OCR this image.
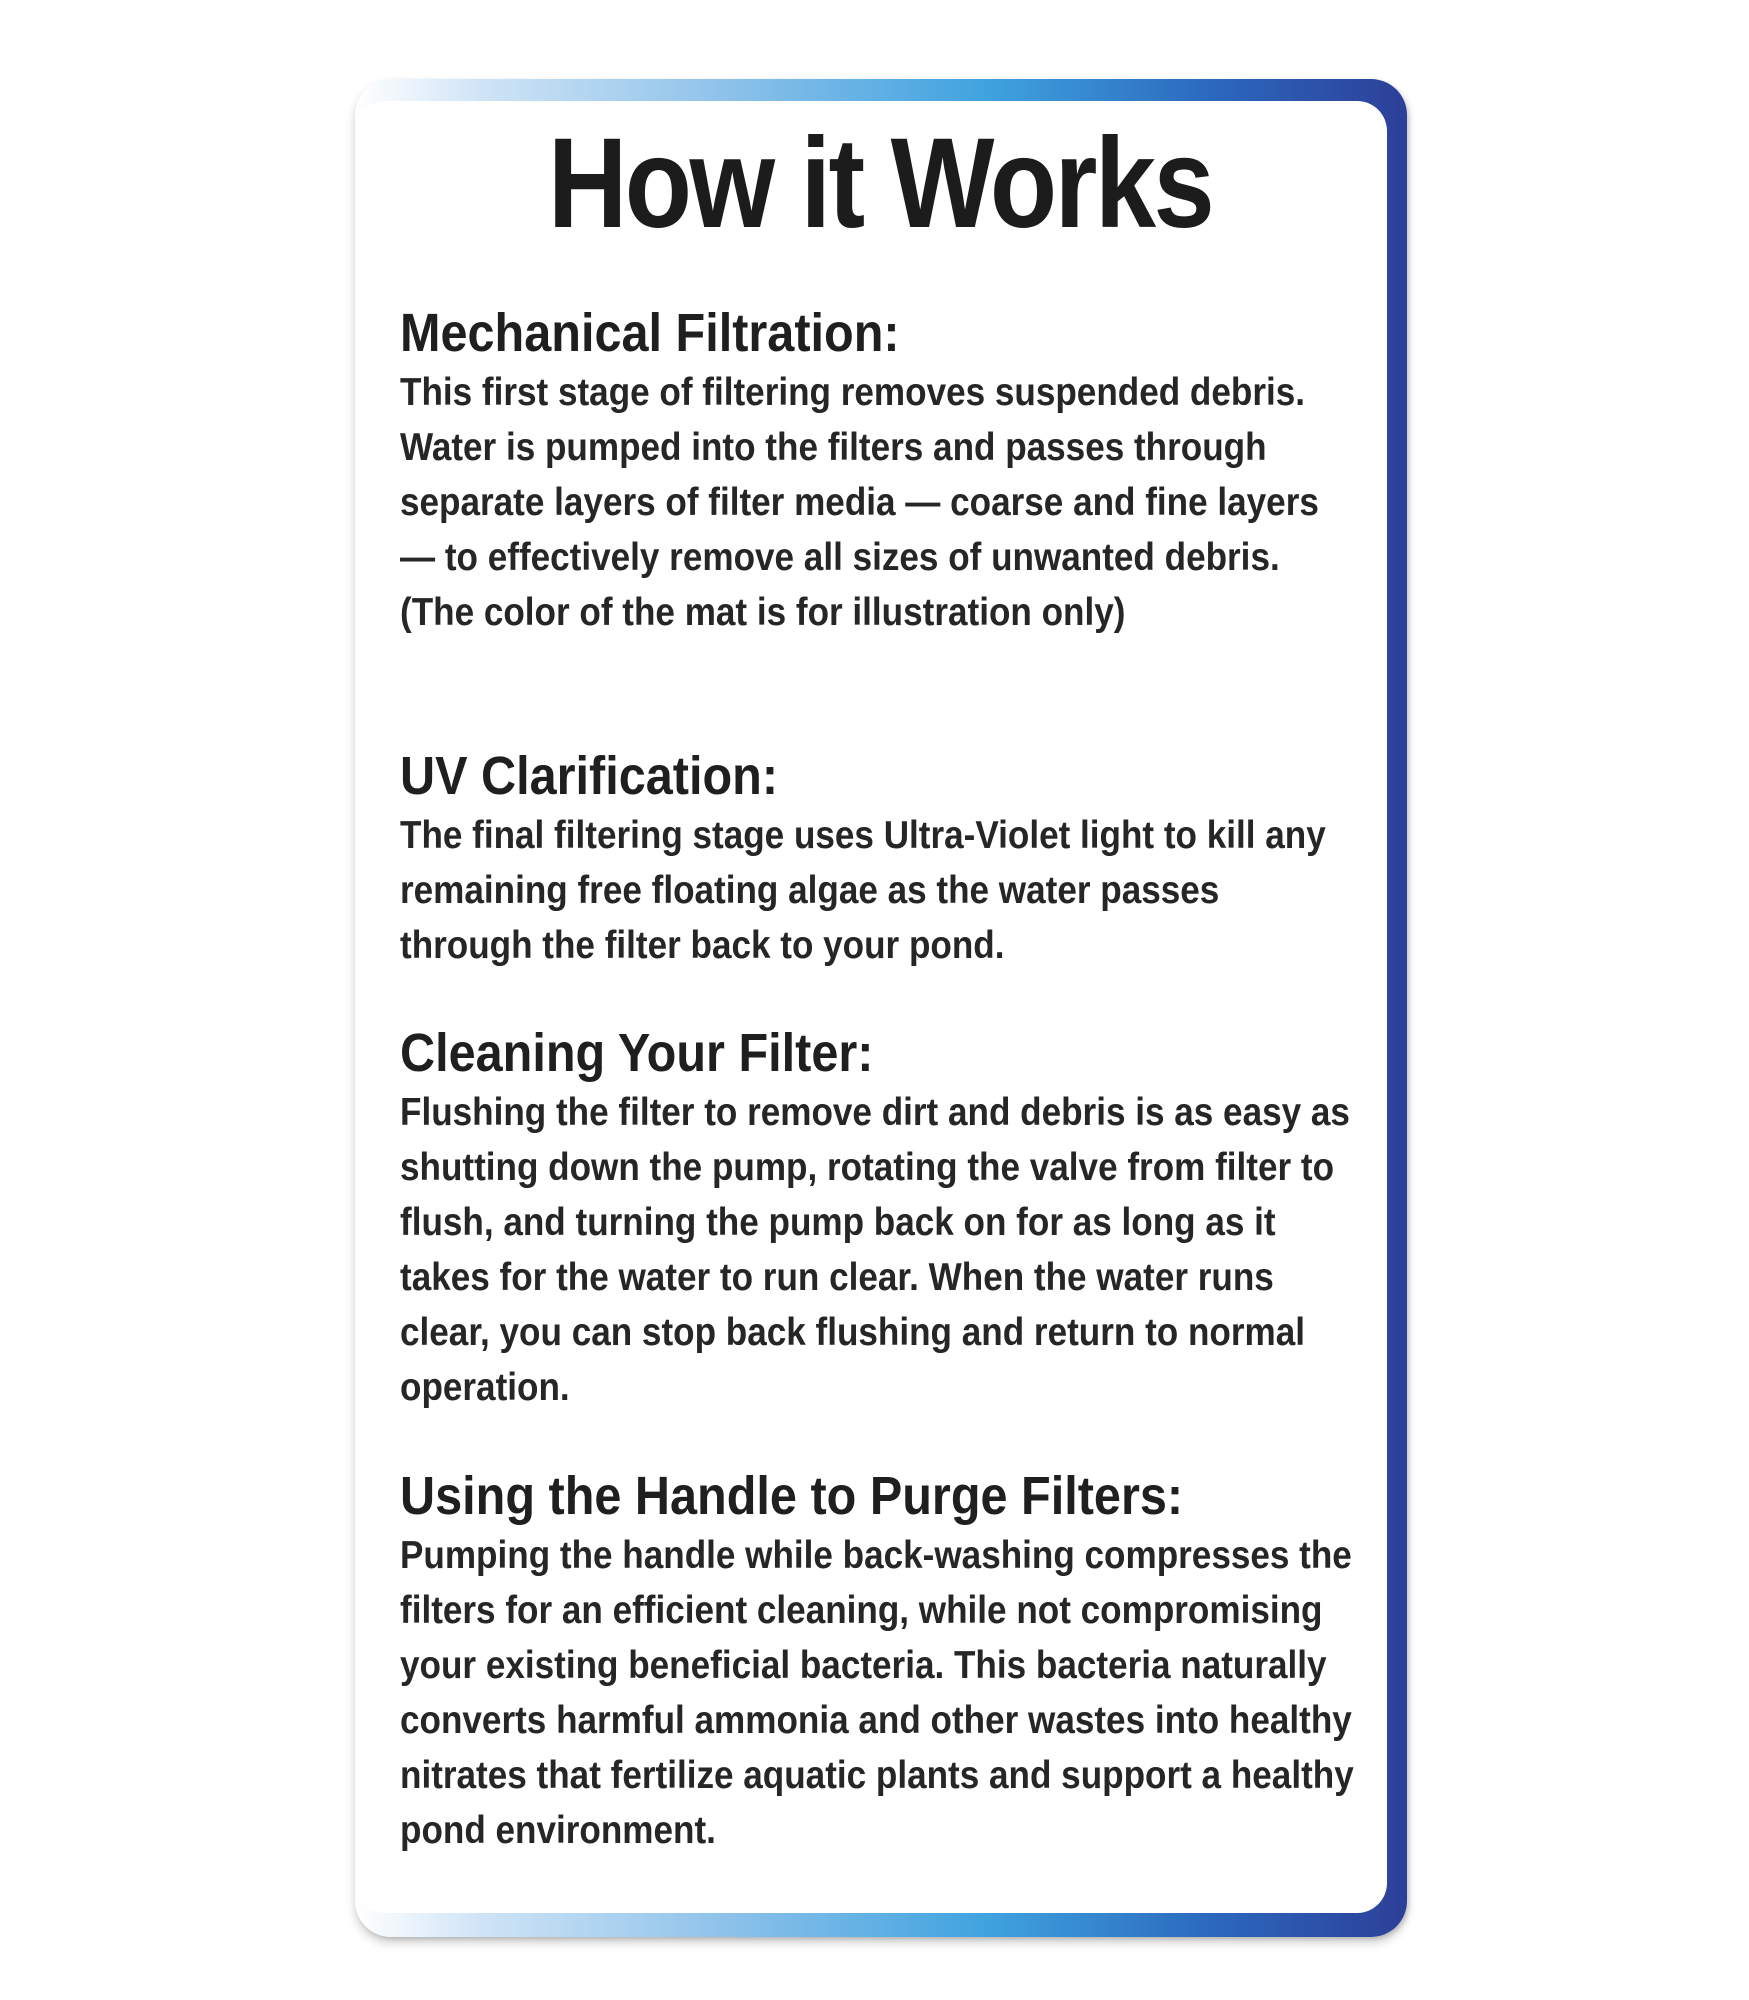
How it Works
Mechanical Filtration:

This first stage of filtering removes suspended debris. Water is pumped into the filters and passes through separate layers of filter media — coarse and fine layers — to effectively remove all sizes of unwanted debris.

(The color of the mat is for illustration only)

UV Clarification:

The final filtering stage uses Ultra-Violet light to kill any remaining free floating algae as the water passes through the filter back to your pond.

Cleaning Your Filter:

Flushing the filter to remove dirt and debris is as easy as shutting down the pump, rotating the valve from filter to flush, and turning the pump back on for as long as it takes for the water to run clear. When the water runs clear, you can stop back flushing and return to normal operation.

Using the Handle to Purge Filters:

Pumping the handle while back-washing compresses the filters for an efficient cleaning, while not compromising your existing beneficial bacteria. This bacteria naturally converts harmful ammonia and other wastes into healthy nitrates that fertilize aquatic plants and support a healthy pond environment.
